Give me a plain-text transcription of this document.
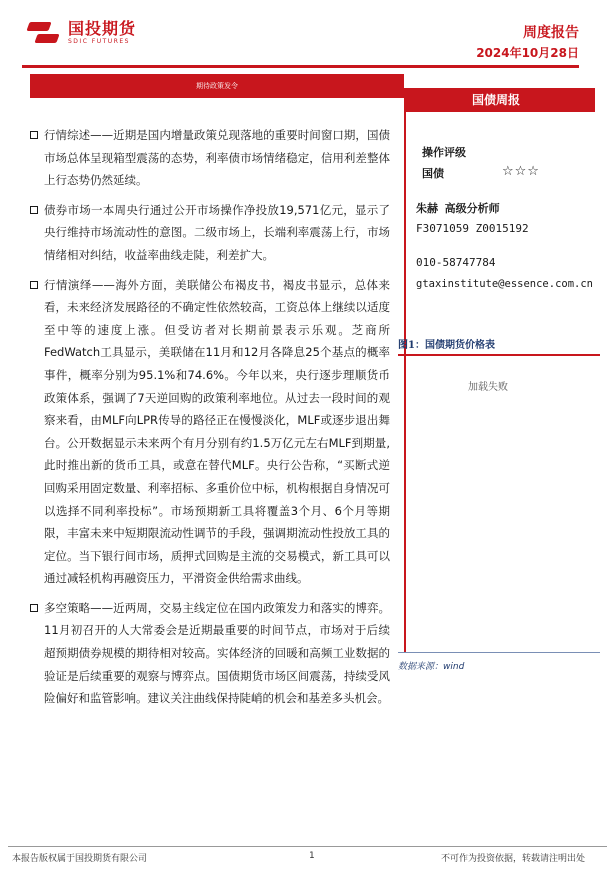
国投期货
SDIC FUTURES
周度报告
2024年10月28日
期待政策发令
国债周报
行情综述——近期是国内增量政策兑现落地的重要时间窗口期，国债市场总体呈现箱型震荡的态势，利率债市场情绪稳定，信用利差整体上行态势仍然延续。
债券市场一本周央行通过公开市场操作净投放19,571亿元，显示了央行维持市场流动性的意图。二级市场上，长端利率震荡上行，市场情绪相对纠结，收益率曲线走陡，利差扩大。
行情演绎——海外方面，美联储公布褐皮书，褐皮书显示，总体来看，未来经济发展路径的不确定性依然较高，工资总体上继续以适度至中等的速度上涨。但受访者对长期前景表示乐观。芝商所FedWatch工具显示，美联储在11月和12月各降息25个基点的概率事件，概率分别为95.1%和74.6%。今年以来，央行逐步理顺货币政策体系，强调了7天逆回购的政策利率地位。从过去一段时间的观察来看，由MLF向LPR传导的路径正在慢慢淡化，MLF或逐步退出舞台。公开数据显示未来两个有月分别有约1.5万亿元左右MLF到期量,此时推出新的货币工具，或意在替代MLF。央行公告称，“买断式逆回购采用固定数量、利率招标、多重价位中标，机构根据自身情况可以选择不同利率投标”。市场预期新工具将覆盖3个月、6个月等期限，丰富未来中短期限流动性调节的手段，强调期流动性投放工具的定位。当下银行间市场，质押式回购是主流的交易模式，新工具可以通过减轻机构再融资压力，平滑资金供给需求曲线。
多空策略——近两周，交易主线定位在国内政策发力和落实的博弈。11月初召开的人大常委会是近期最重要的时间节点，市场对于后续超预期债券规模的期待相对较高。实体经济的回暖和高频工业数据的验证是后续重要的观察与博弈点。国债期货市场区间震荡，持续受风险偏好和监管影响。建议关注曲线保持陡峭的机会和基差多头机会。
操作评级
国债	☆☆☆
朱赫 高级分析师
F3071059 Z0015192
010-58747784
gtaxinstitute@essence.com.cn
图1：国债期货价格表
加载失败
数据来源：wind
本报告版权属于国投期货有限公司	1	不可作为投资依据，转载请注明出处
